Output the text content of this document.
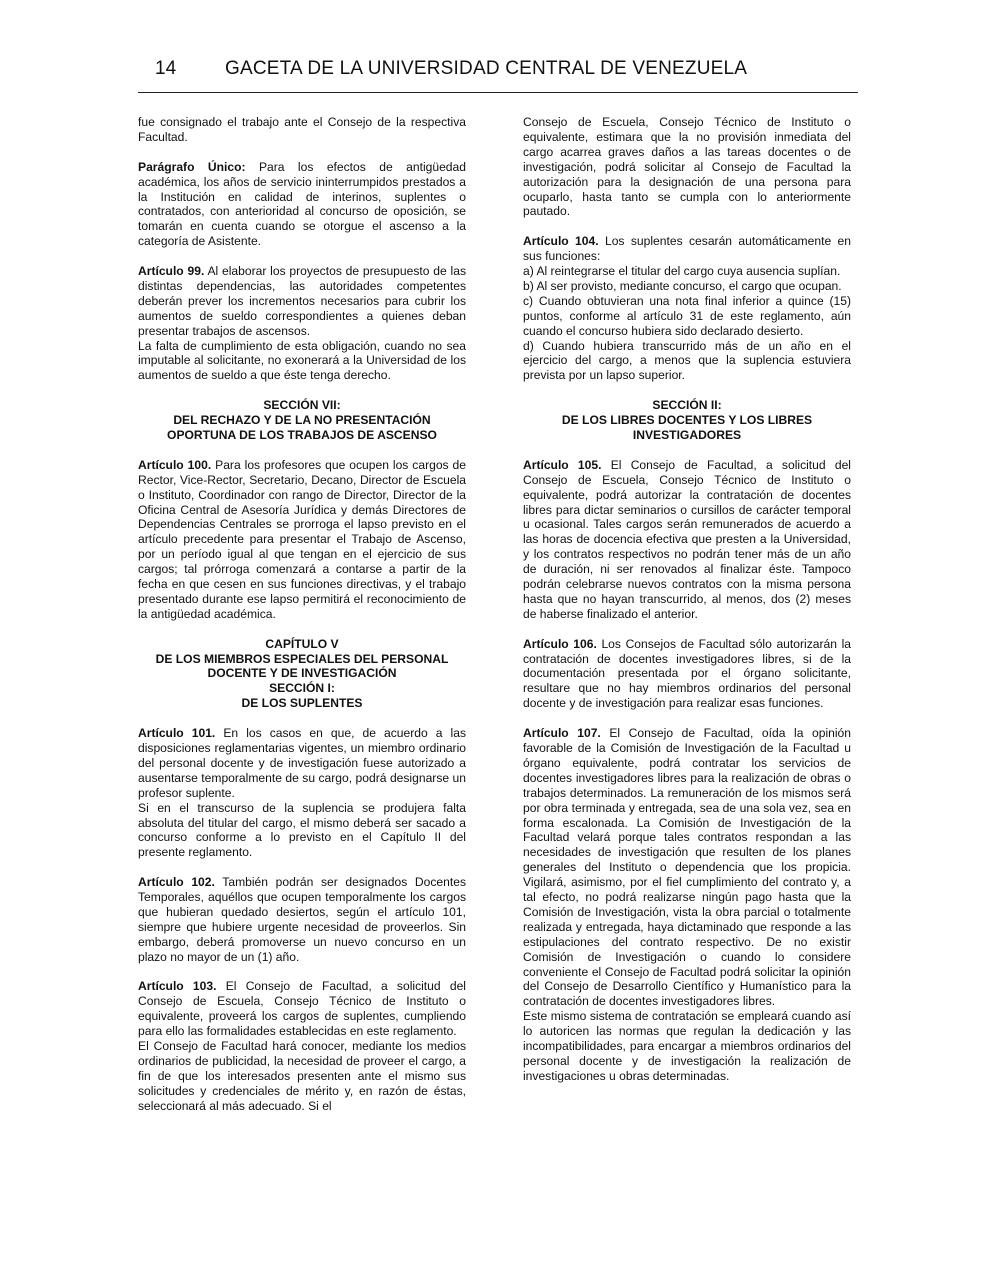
14	GACETA DE LA UNIVERSIDAD CENTRAL DE VENEZUELA

fue consignado el trabajo ante el Consejo de la respectiva Facultad.

Parágrafo Único: Para los efectos de antigüedad académica, los años de servicio ininterrumpidos prestados a la Institución en calidad de interinos, suplentes o contratados, con anterioridad al concurso de oposición, se tomarán en cuenta cuando se otorgue el ascenso a la categoría de Asistente.

Artículo 99. Al elaborar los proyectos de presupuesto de las distintas dependencias, las autoridades competentes deberán prever los incrementos necesarios para cubrir los aumentos de sueldo correspondientes a quienes deban presentar trabajos de ascensos.

La falta de cumplimiento de esta obligación, cuando no sea imputable al solicitante, no exonerará a la Universidad de los aumentos de sueldo a que éste tenga derecho.

SECCIÓN VII:
DEL RECHAZO Y DE LA NO PRESENTACIÓN
OPORTUNA DE LOS TRABAJOS DE ASCENSO

Artículo 100. Para los profesores que ocupen los cargos de Rector, Vice-Rector, Secretario, Decano, Director de Escuela o Instituto, Coordinador con rango de Director, Director de la Oficina Central de Asesoría Jurídica y demás Directores de Dependencias Centrales se prorroga el lapso previsto en el artículo precedente para presentar el Trabajo de Ascenso, por un período igual al que tengan en el ejercicio de sus cargos; tal prórroga comenzará a contarse a partir de la fecha en que cesen en sus funciones directivas, y el trabajo presentado durante ese lapso permitirá el reconocimiento de la antigüedad académica.

CAPÍTULO V
DE LOS MIEMBROS ESPECIALES DEL PERSONAL
DOCENTE Y DE INVESTIGACIÓN
SECCIÓN I:
DE LOS SUPLENTES

Artículo 101. En los casos en que, de acuerdo a las disposiciones reglamentarias vigentes, un miembro ordinario del personal docente y de investigación fuese autorizado a ausentarse temporalmente de su cargo, podrá designarse un profesor suplente.

Si en el transcurso de la suplencia se produjera falta absoluta del titular del cargo, el mismo deberá ser sacado a concurso conforme a lo previsto en el Capítulo II del presente reglamento.

Artículo 102. También podrán ser designados Docentes Temporales, aquéllos que ocupen temporalmente los cargos que hubieran quedado desiertos, según el artículo 101, siempre que hubiere urgente necesidad de proveerlos. Sin embargo, deberá promoverse un nuevo concurso en un plazo no mayor de un (1) año.

Artículo 103. El Consejo de Facultad, a solicitud del Consejo de Escuela, Consejo Técnico de Instituto o equivalente, proveerá los cargos de suplentes, cumpliendo para ello las formalidades establecidas en este reglamento.

El Consejo de Facultad hará conocer, mediante los medios ordinarios de publicidad, la necesidad de proveer el cargo, a fin de que los interesados presenten ante el mismo sus solicitudes y credenciales de mérito y, en razón de éstas, seleccionará al más adecuado. Si el

Consejo de Escuela, Consejo Técnico de Instituto o equivalente, estimara que la no provisión inmediata del cargo acarrea graves daños a las tareas docentes o de investigación, podrá solicitar al Consejo de Facultad la autorización para la designación de una persona para ocuparlo, hasta tanto se cumpla con lo anteriormente pautado.

Artículo 104. Los suplentes cesarán automáticamente en sus funciones:

a) Al reintegrarse el titular del cargo cuya ausencia suplían.

b) Al ser provisto, mediante concurso, el cargo que ocupan.

c) Cuando obtuvieran una nota final inferior a quince (15) puntos, conforme al artículo 31 de este reglamento, aún cuando el concurso hubiera sido declarado desierto.

d) Cuando hubiera transcurrido más de un año en el ejercicio del cargo, a menos que la suplencia estuviera prevista por un lapso superior.

SECCIÓN II:
DE LOS LIBRES DOCENTES Y LOS LIBRES
INVESTIGADORES

Artículo 105. El Consejo de Facultad, a solicitud del Consejo de Escuela, Consejo Técnico de Instituto o equivalente, podrá autorizar la contratación de docentes libres para dictar seminarios o cursillos de carácter temporal u ocasional. Tales cargos serán remunerados de acuerdo a las horas de docencia efectiva que presten a la Universidad, y los contratos respectivos no podrán tener más de un año de duración, ni ser renovados al finalizar éste. Tampoco podrán celebrarse nuevos contratos con la misma persona hasta que no hayan transcurrido, al menos, dos (2) meses de haberse finalizado el anterior.

Artículo 106. Los Consejos de Facultad sólo autorizarán la contratación de docentes investigadores libres, si de la documentación presentada por el órgano solicitante, resultare que no hay miembros ordinarios del personal docente y de investigación para realizar esas funciones.

Artículo 107. El Consejo de Facultad, oída la opinión favorable de la Comisión de Investigación de la Facultad u órgano equivalente, podrá contratar los servicios de docentes investigadores libres para la realización de obras o trabajos determinados. La remuneración de los mismos será por obra terminada y entregada, sea de una sola vez, sea en forma escalonada. La Comisión de Investigación de la Facultad velará porque tales contratos respondan a las necesidades de investigación que resulten de los planes generales del Instituto o dependencia que los propicia. Vigilará, asimismo, por el fiel cumplimiento del contrato y, a tal efecto, no podrá realizarse ningún pago hasta que la Comisión de Investigación, vista la obra parcial o totalmente realizada y entregada, haya dictaminado que responde a las estipulaciones del contrato respectivo. De no existir Comisión de Investigación o cuando lo considere conveniente el Consejo de Facultad podrá solicitar la opinión del Consejo de Desarrollo Científico y Humanístico para la contratación de docentes investigadores libres.

Este mismo sistema de contratación se empleará cuando así lo autoricen las normas que regulan la dedicación y las incompatibilidades, para encargar a miembros ordinarios del personal docente y de investigación la realización de investigaciones u obras determinadas.
